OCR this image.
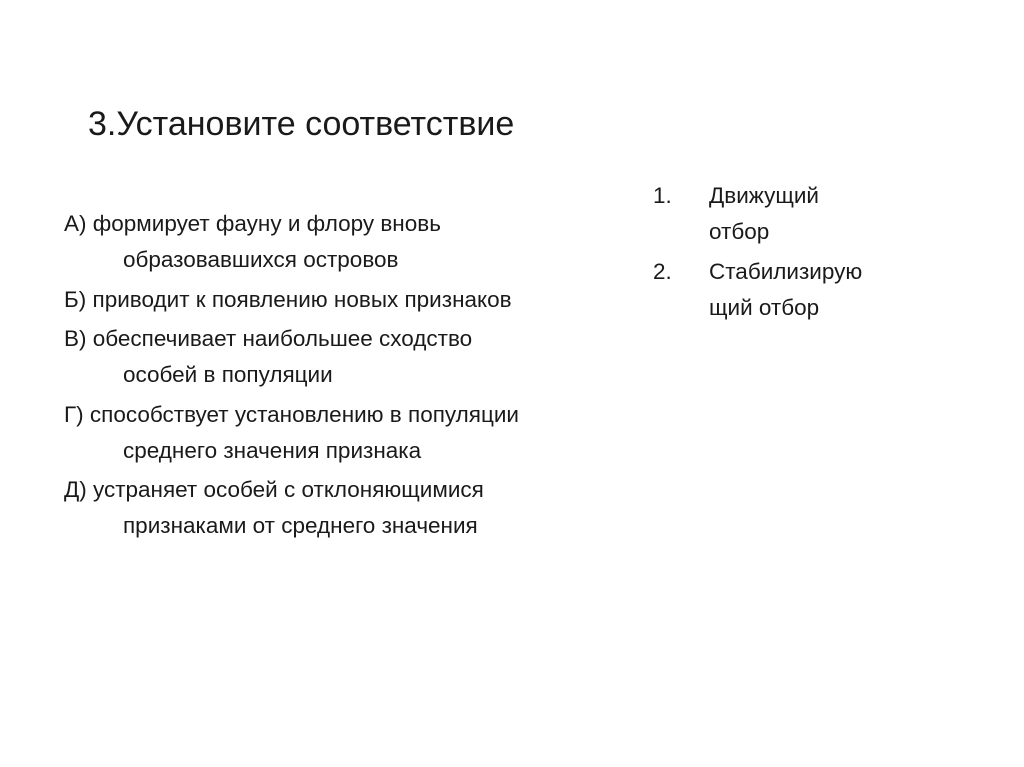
3.Установите соответствие
А) формирует фауну и флору вновь
образовавшихся островов
Б) приводит к появлению новых признаков
В) обеспечивает наибольшее сходство
особей в популяции
Г) способствует установлению в популяции
среднего значения признака
Д) устраняет особей с отклоняющимися
признаками от среднего значения
1. Движущий
отбор
2. Стабилизирую
щий отбор
